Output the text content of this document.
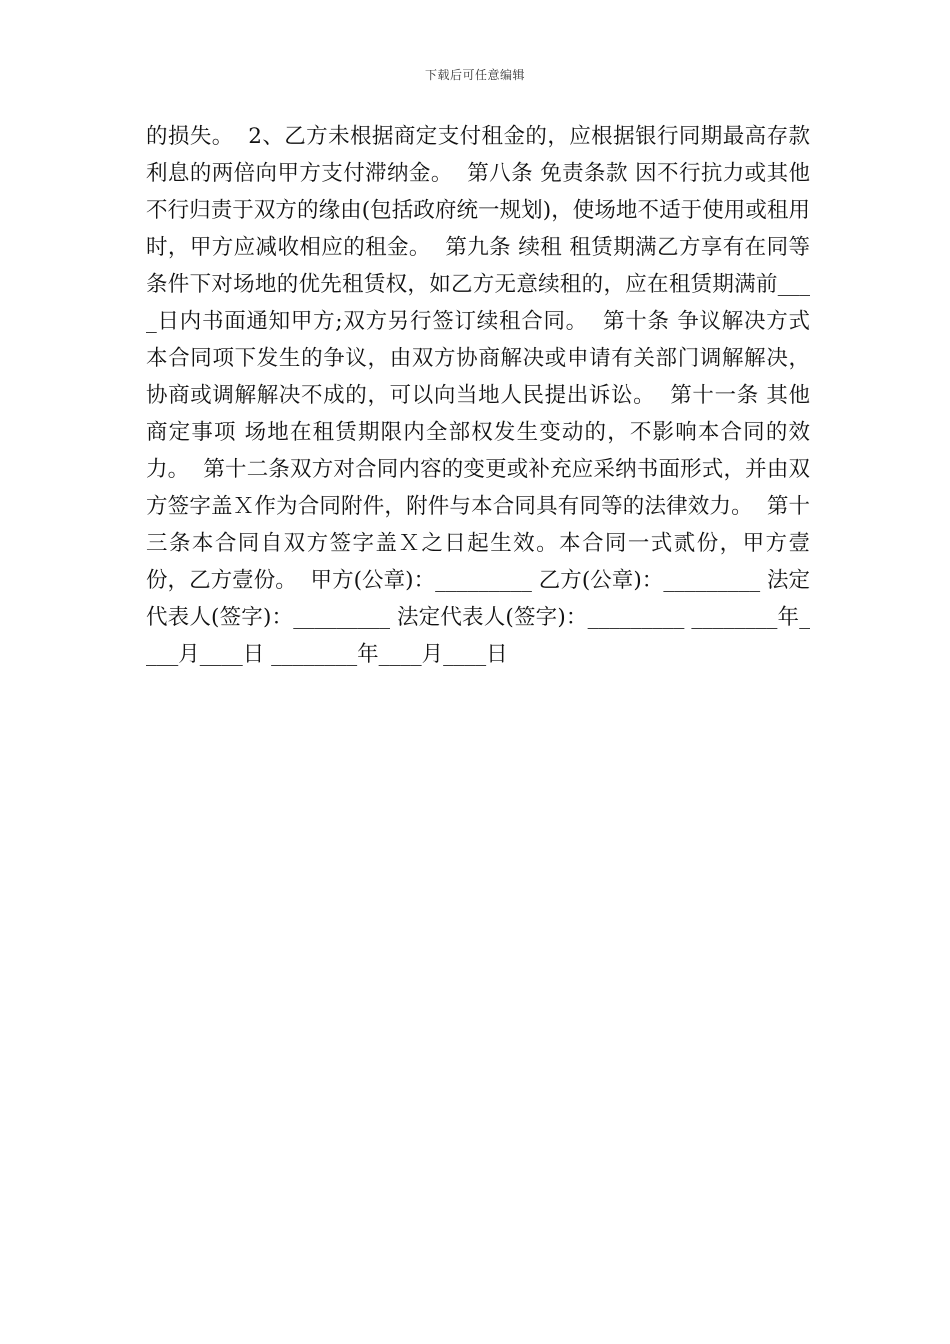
下载后可任意编辑

的损失。  2、乙方未根据商定支付租金的，应根据银行同期最高存款利息的两倍向甲方支付滞纳金。  第八条 免责条款 因不行抗力或其他不行归责于双方的缘由(包括政府统一规划)，使场地不适于使用或租用时，甲方应减收相应的租金。  第九条 续租 租赁期满乙方享有在同等条件下对场地的优先租赁权，如乙方无意续租的，应在租赁期满前____日内书面通知甲方;双方另行签订续租合同。  第十条 争议解决方式 本合同项下发生的争议，由双方协商解决或申请有关部门调解解决，协商或调解解决不成的，可以向当地人民提出诉讼。  第十一条 其他商定事项 场地在租赁期限内全部权发生变动的，不影响本合同的效力。  第十二条双方对合同内容的变更或补充应采纳书面形式，并由双方签字盖Ｘ作为合同附件，附件与本合同具有同等的法律效力。  第十三条本合同自双方签字盖Ｘ之日起生效。本合同一式贰份，甲方壹份，乙方壹份。  甲方(公章)：_________ 乙方(公章)：_________ 法定代表人(签字)：_________ 法定代表人(签字)：_________ ________年____月____日 ________年____月____日
